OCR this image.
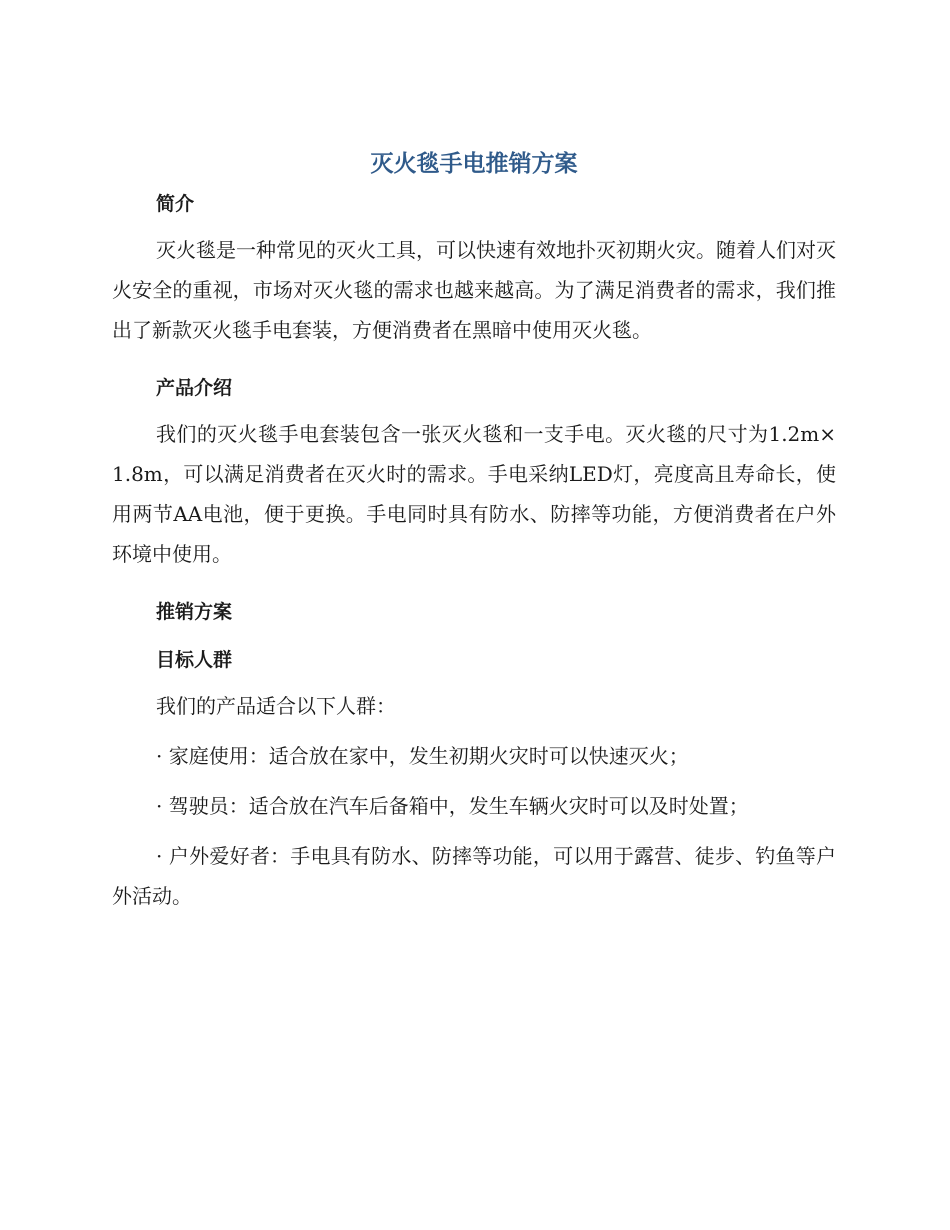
灭火毯手电推销方案
简介

灭火毯是一种常见的灭火工具，可以快速有效地扑灭初期火灾。随着人们对灭火安全的重视，市场对灭火毯的需求也越来越高。为了满足消费者的需求，我们推出了新款灭火毯手电套装，方便消费者在黑暗中使用灭火毯。

产品介绍

我们的灭火毯手电套装包含一张灭火毯和一支手电。灭火毯的尺寸为1.2m×1.8m，可以满足消费者在灭火时的需求。手电采纳LED灯，亮度高且寿命长，使用两节AA电池，便于更换。手电同时具有防水、防摔等功能，方便消费者在户外环境中使用。

推销方案
目标人群

我们的产品适合以下人群：

· 家庭使用：适合放在家中，发生初期火灾时可以快速灭火；

· 驾驶员：适合放在汽车后备箱中，发生车辆火灾时可以及时处置；

· 户外爱好者：手电具有防水、防摔等功能，可以用于露营、徒步、钓鱼等户外活动。
